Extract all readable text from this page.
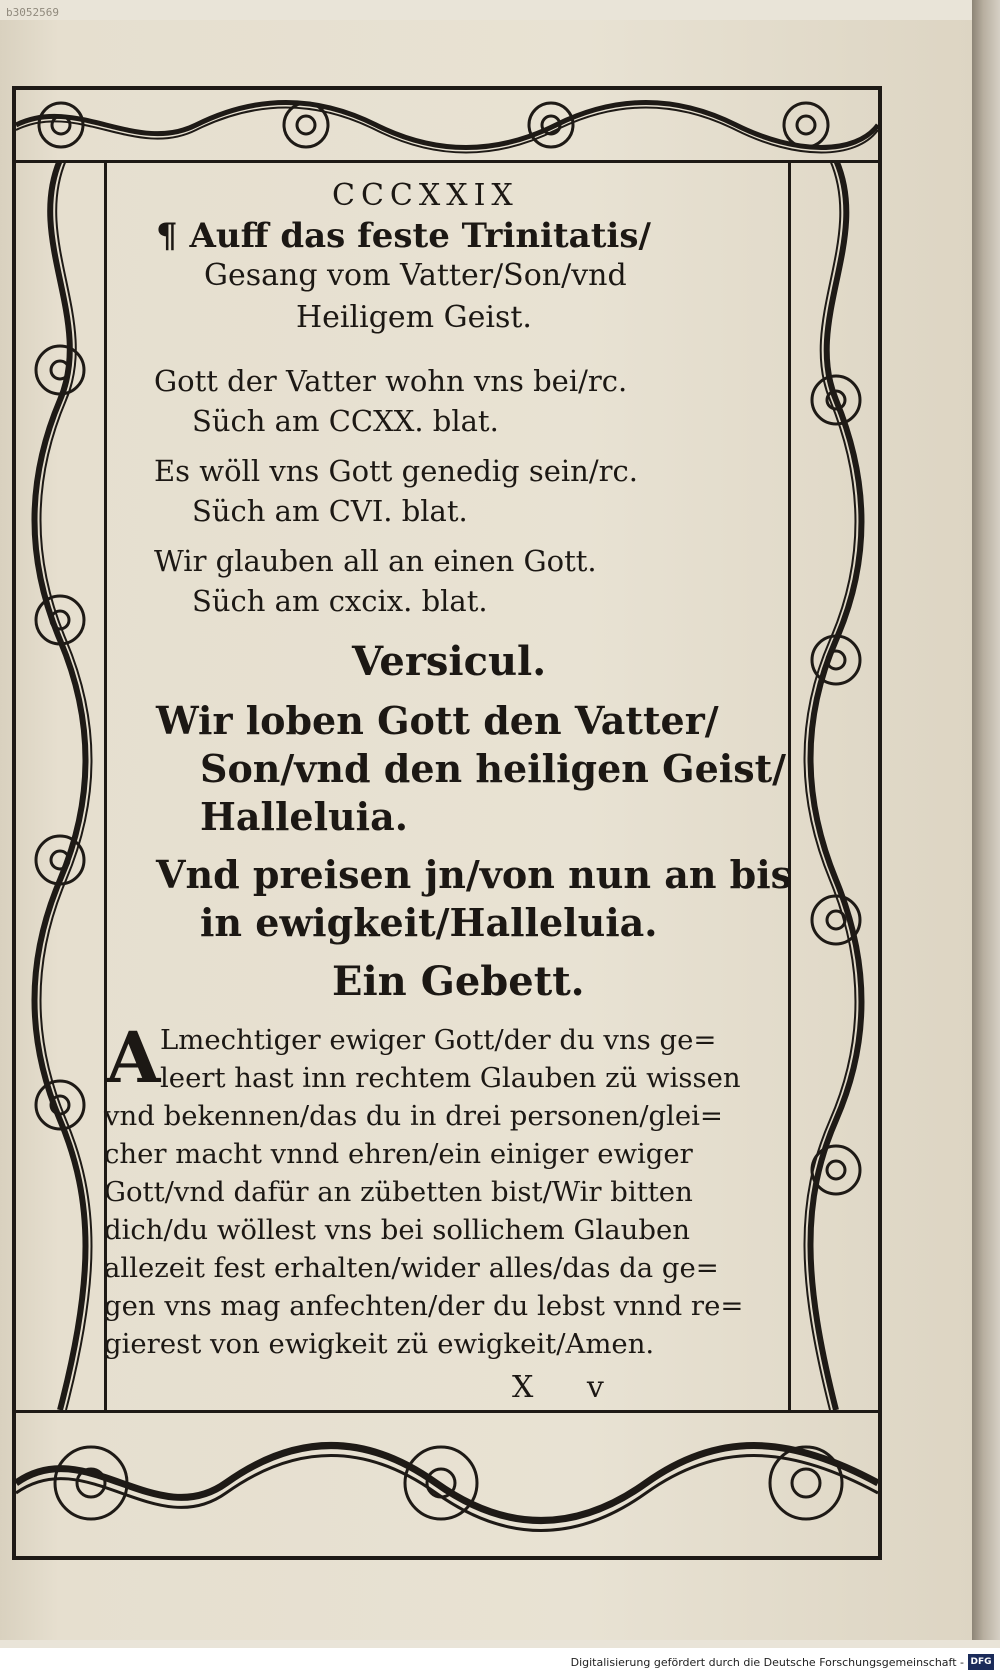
b3052569
CCCXXIX
¶ Auff das feste Trinitatis/
Gesang vom Vatter/Son/vnd
Heiligem Geist.
Gott der Vatter wohn vns bei/rc.
Süch am CCXX. blat.
Es wöll vns Gott genedig sein/rc.
Süch am CVI. blat.
Wir glauben all an einen Gott.
Süch am cxcix. blat.
Versicul.
Wir loben Gott den Vatter/
Son/vnd den heiligen Geist/
Halleluia.
Vnd preisen jn/von nun an bis
in ewigkeit/Halleluia.
Ein Gebett.
A Lmechtiger ewiger Gott/der du vns ge=
leert hast inn rechtem Glauben zü wissen
vnd bekennen/das du in drei personen/glei=
cher macht vnnd ehren/ein einiger ewiger
Gott/vnd dafür an zübetten bist/Wir bitten
dich/du wöllest vns bei sollichem Glauben
allezeit fest erhalten/wider alles/das da ge=
gen vns mag anfechten/der du lebst vnnd re=
gierest von ewigkeit zü ewigkeit/Amen.
X v
Digitalisierung gefördert durch die Deutsche Forschungsgemeinschaft - DFG
